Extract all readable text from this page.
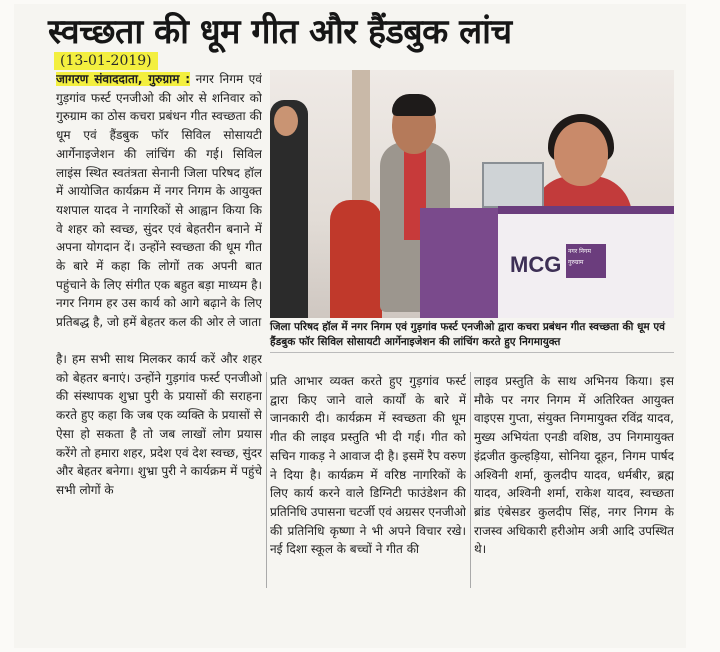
स्वच्छता की धूम गीत और हैंडबुक लांच
(13-01-2019)

जागरण संवाददाता, गुरुग्राम : नगर निगम एवं गुड़गांव फर्स्ट एनजीओ की ओर से शनिवार को गुरुग्राम का ठोस कचरा प्रबंधन गीत स्वच्छता की धूम एवं हैंडबुक फॉर सिविल सोसायटी आर्गेनाइजेशन की लांचिंग की गई। सिविल लाइंस स्थित स्वतंत्रता सेनानी जिला परिषद हॉल में आयोजित कार्यक्रम में नगर निगम के आयुक्त यशपाल यादव ने नागरिकों से आह्वान किया कि वे शहर को स्वच्छ, सुंदर एवं बेहतरीन बनाने में अपना योगदान दें। उन्होंने स्वच्छता की धूम गीत के बारे में कहा कि लोगों तक अपनी बात पहुंचाने के लिए संगीत एक बहुत बड़ा माध्यम है। नगर निगम हर उस कार्य को आगे बढ़ाने के लिए प्रतिबद्ध है, जो हमें बेहतर कल की ओर ले जाता

है। हम सभी साथ मिलकर कार्य करें और शहर को बेहतर बनाएं। उन्होंने गुड़गांव फर्स्ट एनजीओ की संस्थापक शुभ्रा पुरी के प्रयासों की सराहना करते हुए कहा कि जब एक व्यक्ति के प्रयासों से ऐसा हो सकता है तो जब लाखों लोग प्रयास करेंगे तो हमारा शहर, प्रदेश एवं देश स्वच्छ, सुंदर और बेहतर बनेगा। शुभ्रा पुरी ने कार्यक्रम में पहुंचे सभी लोगों के

MCG
नगर निगम गुरुग्राम
जिला परिषद हॉल में नगर निगम एवं गुड़गांव फर्स्ट एनजीओ द्वारा कचरा प्रबंधन गीत स्वच्छता की धूम एवं हैंडबुक फॉर सिविल सोसायटी आर्गेनाइजेशन की लांचिंग करते हुए निगमायुक्त
प्रति आभार व्यक्त करते हुए गुड़गांव फर्स्ट द्वारा किए जाने वाले कार्यों के बारे में जानकारी दी। कार्यक्रम में स्वच्छता की धूम गीत की लाइव प्रस्तुति भी दी गई। गीत को सचिन गाकड़ ने आवाज दी है। इसमें रैप वरुण ने दिया है। कार्यक्रम में वरिष्ठ नागरिकों के लिए कार्य करने वाले डिग्निटी फाउंडेशन की प्रतिनिधि उपासना चटर्जी एवं अग्रसर एनजीओ की प्रतिनिधि कृष्णा ने भी अपने विचार रखे। नई दिशा स्कूल के बच्चों ने गीत की
लाइव प्रस्तुति के साथ अभिनय किया। इस मौके पर नगर निगम में अतिरिक्त आयुक्त वाइएस गुप्ता, संयुक्त निगमायुक्त रविंद्र यादव, मुख्य अभियंता एनडी वशिष्ठ, उप निगमायुक्त इंद्रजीत कुल्हड़िया, सोनिया दूहन, निगम पार्षद अश्विनी शर्मा, कुलदीप यादव, धर्मबीर, ब्रह्म यादव, अश्विनी शर्मा, राकेश यादव, स्वच्छता ब्रांड एंबेसडर कुलदीप सिंह, नगर निगम के राजस्व अधिकारी हरीओम अत्री आदि उपस्थित थे।
